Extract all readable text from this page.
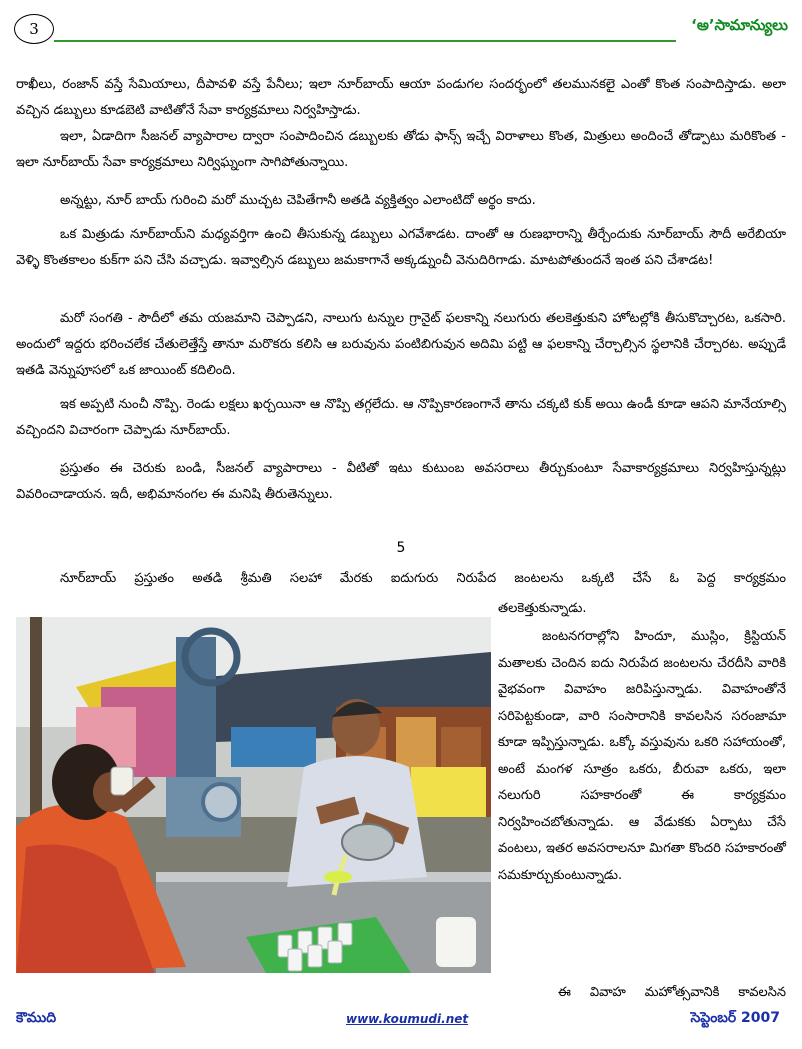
3	‘అ’సామాన్యులు

రాఖీలు, రంజాన్ వస్తే సేమియాలు, దీపావళి వస్తే పేనీలు; ఇలా నూర్‌బాయ్ ఆయా పండుగల సందర్భంలో తలమునకలై ఎంతో కొంత సంపాదిస్తాడు. అలా వచ్చిన డబ్బులు కూడబెటి వాటితోనే సేవా కార్యక్రమాలు నిర్వహిస్తాడు.

ఇలా, ఏడాదిగా సీజనల్ వ్యాపారాల ద్వారా సంపాదించిన డబ్బులకు తోడు ఫాన్స్ ఇచ్చే విరాళాలు కొంత, మిత్రులు అందించే తోడ్పాటు మరికొంత - ఇలా నూర్‌బాయ్ సేవా కార్యక్రమాలు నిర్విఘ్నంగా సాగిపోతున్నాయి.

అన్నట్టు, నూర్ బాయ్ గురించి మరో ముచ్చట చెపితేగానీ అతడి వ్యక్తిత్వం ఎలాంటిదో అర్థం కాదు.

ఒక మిత్రుడు నూర్‌బాయ్‌ని మధ్యవర్తిగా ఉంచి తీసుకున్న డబ్బులు ఎగవేశాడట. దాంతో ఆ రుణభారాన్ని తీర్చేందుకు నూర్‌బాయ్ సౌదీ అరేబియా వెళ్ళి కొంతకాలం కుక్‌గా పని చేసి వచ్చాడు. ఇవ్వాల్సిన డబ్బులు జమకాగానే అక్కడ్నుంచీ వెనుదిరిగాడు. మాటపోతుందనే ఇంత పని చేశాడట!

మరో సంగతి - సౌదీలో తమ యజమాని చెప్పాడని, నాలుగు టన్నుల గ్రానైట్ ఫలకాన్ని నలుగురు తలకెత్తుకుని హోటల్లోకి తీసుకొచ్చారట, ఒకసారి. అందులో ఇద్దరు భరించలేక చేతులెత్తేస్తే తానూ మరొకరు కలిసి ఆ బరువును పంటిబిగువున అదిమి పట్టి ఆ ఫలకాన్ని చేర్చాల్సిన స్థలానికి చేర్చారట. అప్పుడే ఇతడి వెన్నుపూసలో ఒక జాయింట్ కదిలింది.

ఇక అప్పటి నుంచీ నొప్పి. రెండు లక్షలు ఖర్చయినా ఆ నొప్పి తగ్గలేదు. ఆ నొప్పికారణంగానే తాను చక్కటి కుక్ అయి ఉండీ కూడా ఆపని మానేయాల్సి వచ్చిందని విచారంగా చెప్పాడు నూర్‌బాయ్.

ప్రస్తుతం ఈ చెరుకు బండి, సీజనల్ వ్యాపారాలు - వీటితో ఇటు కుటుంబ అవసరాలు తీర్చుకుంటూ సేవాకార్యక్రమాలు నిర్వహిస్తున్నట్లు వివరించాడాయన. ఇదీ, అభిమానంగల ఈ మనిషి తీరుతెన్నులు.

5

నూర్‌బాయ్ ప్రస్తుతం అతడి శ్రీమతి సలహా మేరకు ఐదుగురు నిరుపేద జంటలను ఒక్కటి చేసే ఓ పెద్ద కార్యక్రమం

తలకెత్తుకున్నాడు.

జంటనగరాల్లోని హిందూ, ముస్లిం, క్రిస్టియన్ మతాలకు చెందిన ఐదు నిరుపేద జంటలను చేరదీసి వారికి వైభవంగా వివాహం జరిపిస్తున్నాడు. వివాహంతోనే సరిపెట్టకుండా, వారి సంసారానికి కావలసిన సరంజామా కూడా ఇప్పిస్తున్నాడు. ఒక్కో వస్తువును ఒకరి సహాయంతో, అంటే మంగళ సూత్రం ఒకరు, బీరువా ఒకరు, ఇలా నలుగురి సహకారంతో ఈ కార్యక్రమం నిర్వహించబోతున్నాడు. ఆ వేడుకకు ఏర్పాటు చేసే వంటలు, ఇతర అవసరాలనూ మిగతా కొందరి సహకారంతో సమకూర్చుకుంటున్నాడు.

ఈ వివాహ మహోత్సవానికి కావలసిన

కౌముది	www.koumudi.net	సెప్టెంబర్ 2007
